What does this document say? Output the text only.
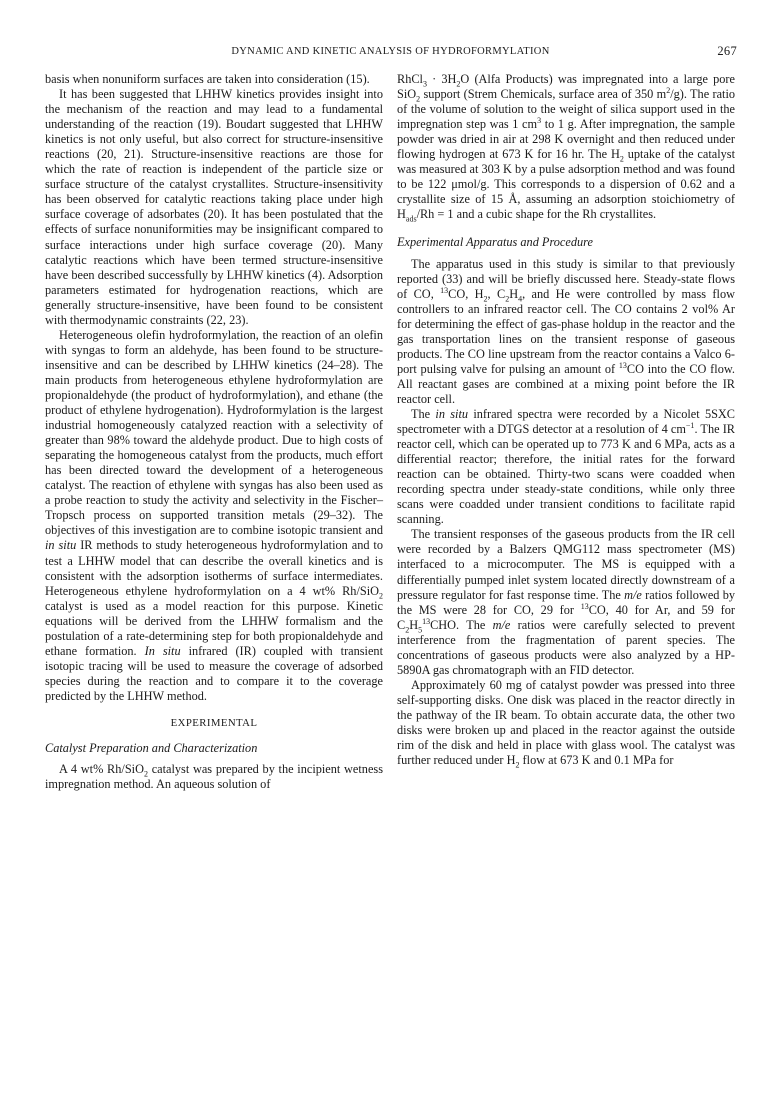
DYNAMIC AND KINETIC ANALYSIS OF HYDROFORMYLATION	267

basis when nonuniform surfaces are taken into consideration (15).

It has been suggested that LHHW kinetics provides insight into the mechanism of the reaction and may lead to a fundamental understanding of the reaction (19). Boudart suggested that LHHW kinetics is not only useful, but also correct for structure-insensitive reactions (20, 21). Structure-insensitive reactions are those for which the rate of reaction is independent of the particle size or surface structure of the catalyst crystallites. Structure-insensitivity has been observed for catalytic reactions taking place under high surface coverage of adsorbates (20). It has been postulated that the effects of surface nonuniformities may be insignificant compared to surface interactions under high surface coverage (20). Many catalytic reactions which have been termed structure-insensitive have been described successfully by LHHW kinetics (4). Adsorption parameters estimated for hydrogenation reactions, which are generally structure-insensitive, have been found to be consistent with thermodynamic constraints (22, 23).

Heterogeneous olefin hydroformylation, the reaction of an olefin with syngas to form an aldehyde, has been found to be structure-insensitive and can be described by LHHW kinetics (24–28). The main products from heterogeneous ethylene hydroformylation are propionaldehyde (the product of hydroformylation), and ethane (the product of ethylene hydrogenation). Hydroformylation is the largest industrial homogeneously catalyzed reaction with a selectivity of greater than 98% toward the aldehyde product. Due to high costs of separating the homogeneous catalyst from the products, much effort has been directed toward the development of a heterogeneous catalyst. The reaction of ethylene with syngas has also been used as a probe reaction to study the activity and selectivity in the Fischer–Tropsch process on supported transition metals (29–32). The objectives of this investigation are to combine isotopic transient and in situ IR methods to study heterogeneous hydroformylation and to test a LHHW model that can describe the overall kinetics and is consistent with the adsorption isotherms of surface intermediates. Heterogeneous ethylene hydroformylation on a 4 wt% Rh/SiO$_2$ catalyst is used as a model reaction for this purpose. Kinetic equations will be derived from the LHHW formalism and the postulation of a rate-determining step for both propionaldehyde and ethane formation. In situ infrared (IR) coupled with transient isotopic tracing will be used to measure the coverage of adsorbed species during the reaction and to compare it to the coverage predicted by the LHHW method.

EXPERIMENTAL
Catalyst Preparation and Characterization

A 4 wt% Rh/SiO$_2$ catalyst was prepared by the incipient wetness impregnation method. An aqueous solution of

RhCl$_3$ · $3H_2O$ (Alfa Products) was impregnated into a large pore SiO$_2$ support (Strem Chemicals, surface area of 350 $m^2/g$). The ratio of the volume of solution to the weight of silica support used in the impregnation step was 1 $cm^3$ to 1 g. After impregnation, the sample powder was dried in air at 298 K overnight and then reduced under flowing hydrogen at 673 K for 16 hr. The $H_2$ uptake of the catalyst was measured at 303 K by a pulse adsorption method and was found to be 122 μmol/g. This corresponds to a dispersion of 0.62 and a crystallite size of 15 Å, assuming an adsorption stoichiometry of $H_{ads}/Rh = 1$ and a cubic shape for the Rh crystallites.

Experimental Apparatus and Procedure

The apparatus used in this study is similar to that previously reported (33) and will be briefly discussed here. Steady-state flows of CO, $^{13}$CO, $H_2$, $C_2H_4$, and He were controlled by mass flow controllers to an infrared reactor cell. The CO contains 2 vol% Ar for determining the effect of gas-phase holdup in the reactor and the gas transportation lines on the transient response of gaseous products. The CO line upstream from the reactor contains a Valco 6-port pulsing valve for pulsing an amount of $^{13}$CO into the CO flow. All reactant gases are combined at a mixing point before the IR reactor cell.

The in situ infrared spectra were recorded by a Nicolet 5SXC spectrometer with a DTGS detector at a resolution of 4 $cm^{-1}$. The IR reactor cell, which can be operated up to 773 K and 6 MPa, acts as a differential reactor; therefore, the initial rates for the forward reaction can be obtained. Thirty-two scans were coadded when recording spectra under steady-state conditions, while only three scans were coadded under transient conditions to facilitate rapid scanning.

The transient responses of the gaseous products from the IR cell were recorded by a Balzers QMG112 mass spectrometer (MS) interfaced to a microcomputer. The MS is equipped with a differentially pumped inlet system located directly downstream of a pressure regulator for fast response time. The m/e ratios followed by the MS were 28 for CO, 29 for $^{13}$CO, 40 for Ar, and 59 for $C_2H_5^{13}CHO$. The m/e ratios were carefully selected to prevent interference from the fragmentation of parent species. The concentrations of gaseous products were also analyzed by a HP-5890A gas chromatograph with an FID detector.

Approximately 60 mg of catalyst powder was pressed into three self-supporting disks. One disk was placed in the reactor directly in the pathway of the IR beam. To obtain accurate data, the other two disks were broken up and placed in the reactor against the outside rim of the disk and held in place with glass wool. The catalyst was further reduced under $H_2$ flow at 673 K and 0.1 MPa for
